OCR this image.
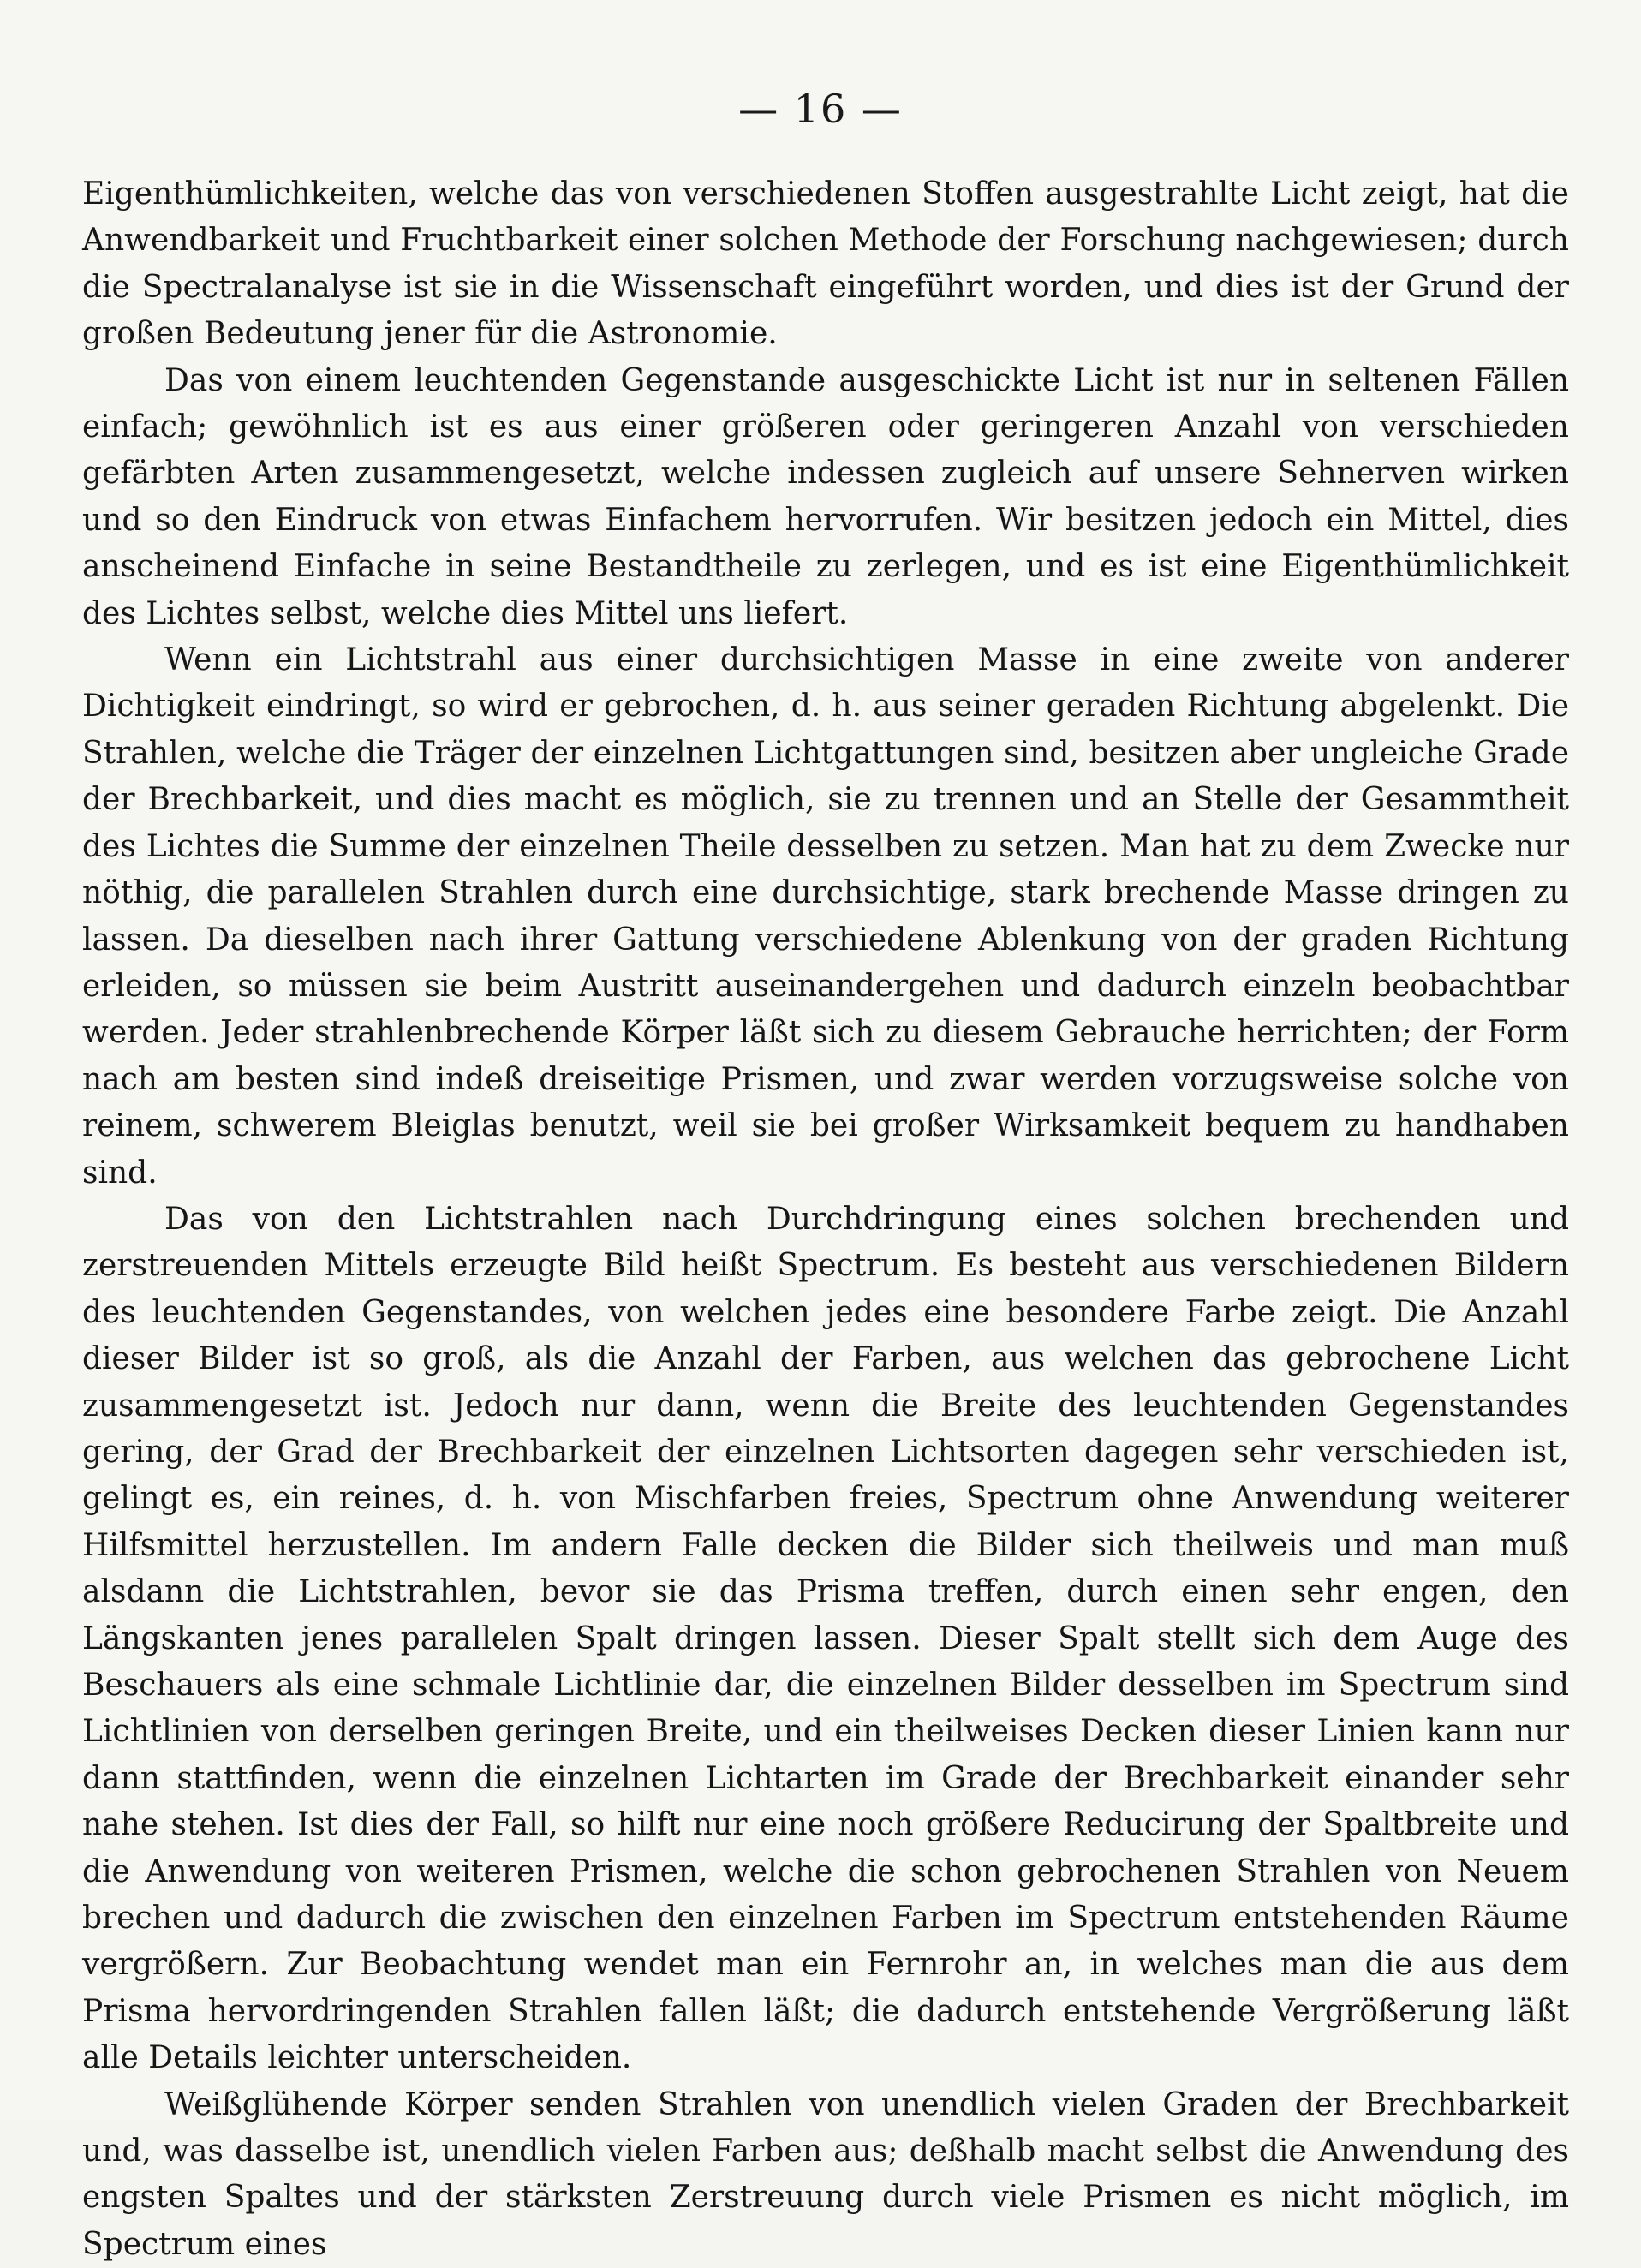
— 16 —

Eigenthümlichkeiten, welche das von verschiedenen Stoffen ausgestrahlte Licht zeigt, hat die Anwendbarkeit und Fruchtbarkeit einer solchen Methode der Forschung nachgewiesen; durch die Spectralanalyse ist sie in die Wissenschaft eingeführt worden, und dies ist der Grund der großen Bedeutung jener für die Astronomie.

Das von einem leuchtenden Gegenstande ausgeschickte Licht ist nur in seltenen Fällen einfach; gewöhnlich ist es aus einer größeren oder geringeren Anzahl von verschieden gefärbten Arten zusammengesetzt, welche indessen zugleich auf unsere Sehnerven wirken und so den Eindruck von etwas Einfachem hervorrufen. Wir besitzen jedoch ein Mittel, dies anscheinend Einfache in seine Bestandtheile zu zerlegen, und es ist eine Eigenthümlichkeit des Lichtes selbst, welche dies Mittel uns liefert.

Wenn ein Lichtstrahl aus einer durchsichtigen Masse in eine zweite von anderer Dichtigkeit eindringt, so wird er gebrochen, d. h. aus seiner geraden Richtung abgelenkt. Die Strahlen, welche die Träger der einzelnen Lichtgattungen sind, besitzen aber ungleiche Grade der Brechbarkeit, und dies macht es möglich, sie zu trennen und an Stelle der Gesammtheit des Lichtes die Summe der einzelnen Theile desselben zu setzen. Man hat zu dem Zwecke nur nöthig, die parallelen Strahlen durch eine durchsichtige, stark brechende Masse dringen zu lassen. Da dieselben nach ihrer Gattung verschiedene Ablenkung von der graden Richtung erleiden, so müssen sie beim Austritt auseinandergehen und dadurch einzeln beobachtbar werden. Jeder strahlenbrechende Körper läßt sich zu diesem Gebrauche herrichten; der Form nach am besten sind indeß dreiseitige Prismen, und zwar werden vorzugsweise solche von reinem, schwerem Bleiglas benutzt, weil sie bei großer Wirksamkeit bequem zu handhaben sind.

Das von den Lichtstrahlen nach Durchdringung eines solchen brechenden und zerstreuenden Mittels erzeugte Bild heißt Spectrum. Es besteht aus verschiedenen Bildern des leuchtenden Gegenstandes, von welchen jedes eine besondere Farbe zeigt. Die Anzahl dieser Bilder ist so groß, als die Anzahl der Farben, aus welchen das gebrochene Licht zusammengesetzt ist. Jedoch nur dann, wenn die Breite des leuchtenden Gegenstandes gering, der Grad der Brechbarkeit der einzelnen Lichtsorten dagegen sehr verschieden ist, gelingt es, ein reines, d. h. von Mischfarben freies, Spectrum ohne Anwendung weiterer Hilfsmittel herzustellen. Im andern Falle decken die Bilder sich theilweis und man muß alsdann die Lichtstrahlen, bevor sie das Prisma treffen, durch einen sehr engen, den Längskanten jenes parallelen Spalt dringen lassen. Dieser Spalt stellt sich dem Auge des Beschauers als eine schmale Lichtlinie dar, die einzelnen Bilder desselben im Spectrum sind Lichtlinien von derselben geringen Breite, und ein theilweises Decken dieser Linien kann nur dann stattfinden, wenn die einzelnen Lichtarten im Grade der Brechbarkeit einander sehr nahe stehen. Ist dies der Fall, so hilft nur eine noch größere Reducirung der Spaltbreite und die Anwendung von weiteren Prismen, welche die schon gebrochenen Strahlen von Neuem brechen und dadurch die zwischen den einzelnen Farben im Spectrum entstehenden Räume vergrößern. Zur Beobachtung wendet man ein Fernrohr an, in welches man die aus dem Prisma hervordringenden Strahlen fallen läßt; die dadurch entstehende Vergrößerung läßt alle Details leichter unterscheiden.

Weißglühende Körper senden Strahlen von unendlich vielen Graden der Brechbarkeit und, was dasselbe ist, unendlich vielen Farben aus; deßhalb macht selbst die Anwendung des engsten Spaltes und der stärksten Zerstreuung durch viele Prismen es nicht möglich, im Spectrum eines
